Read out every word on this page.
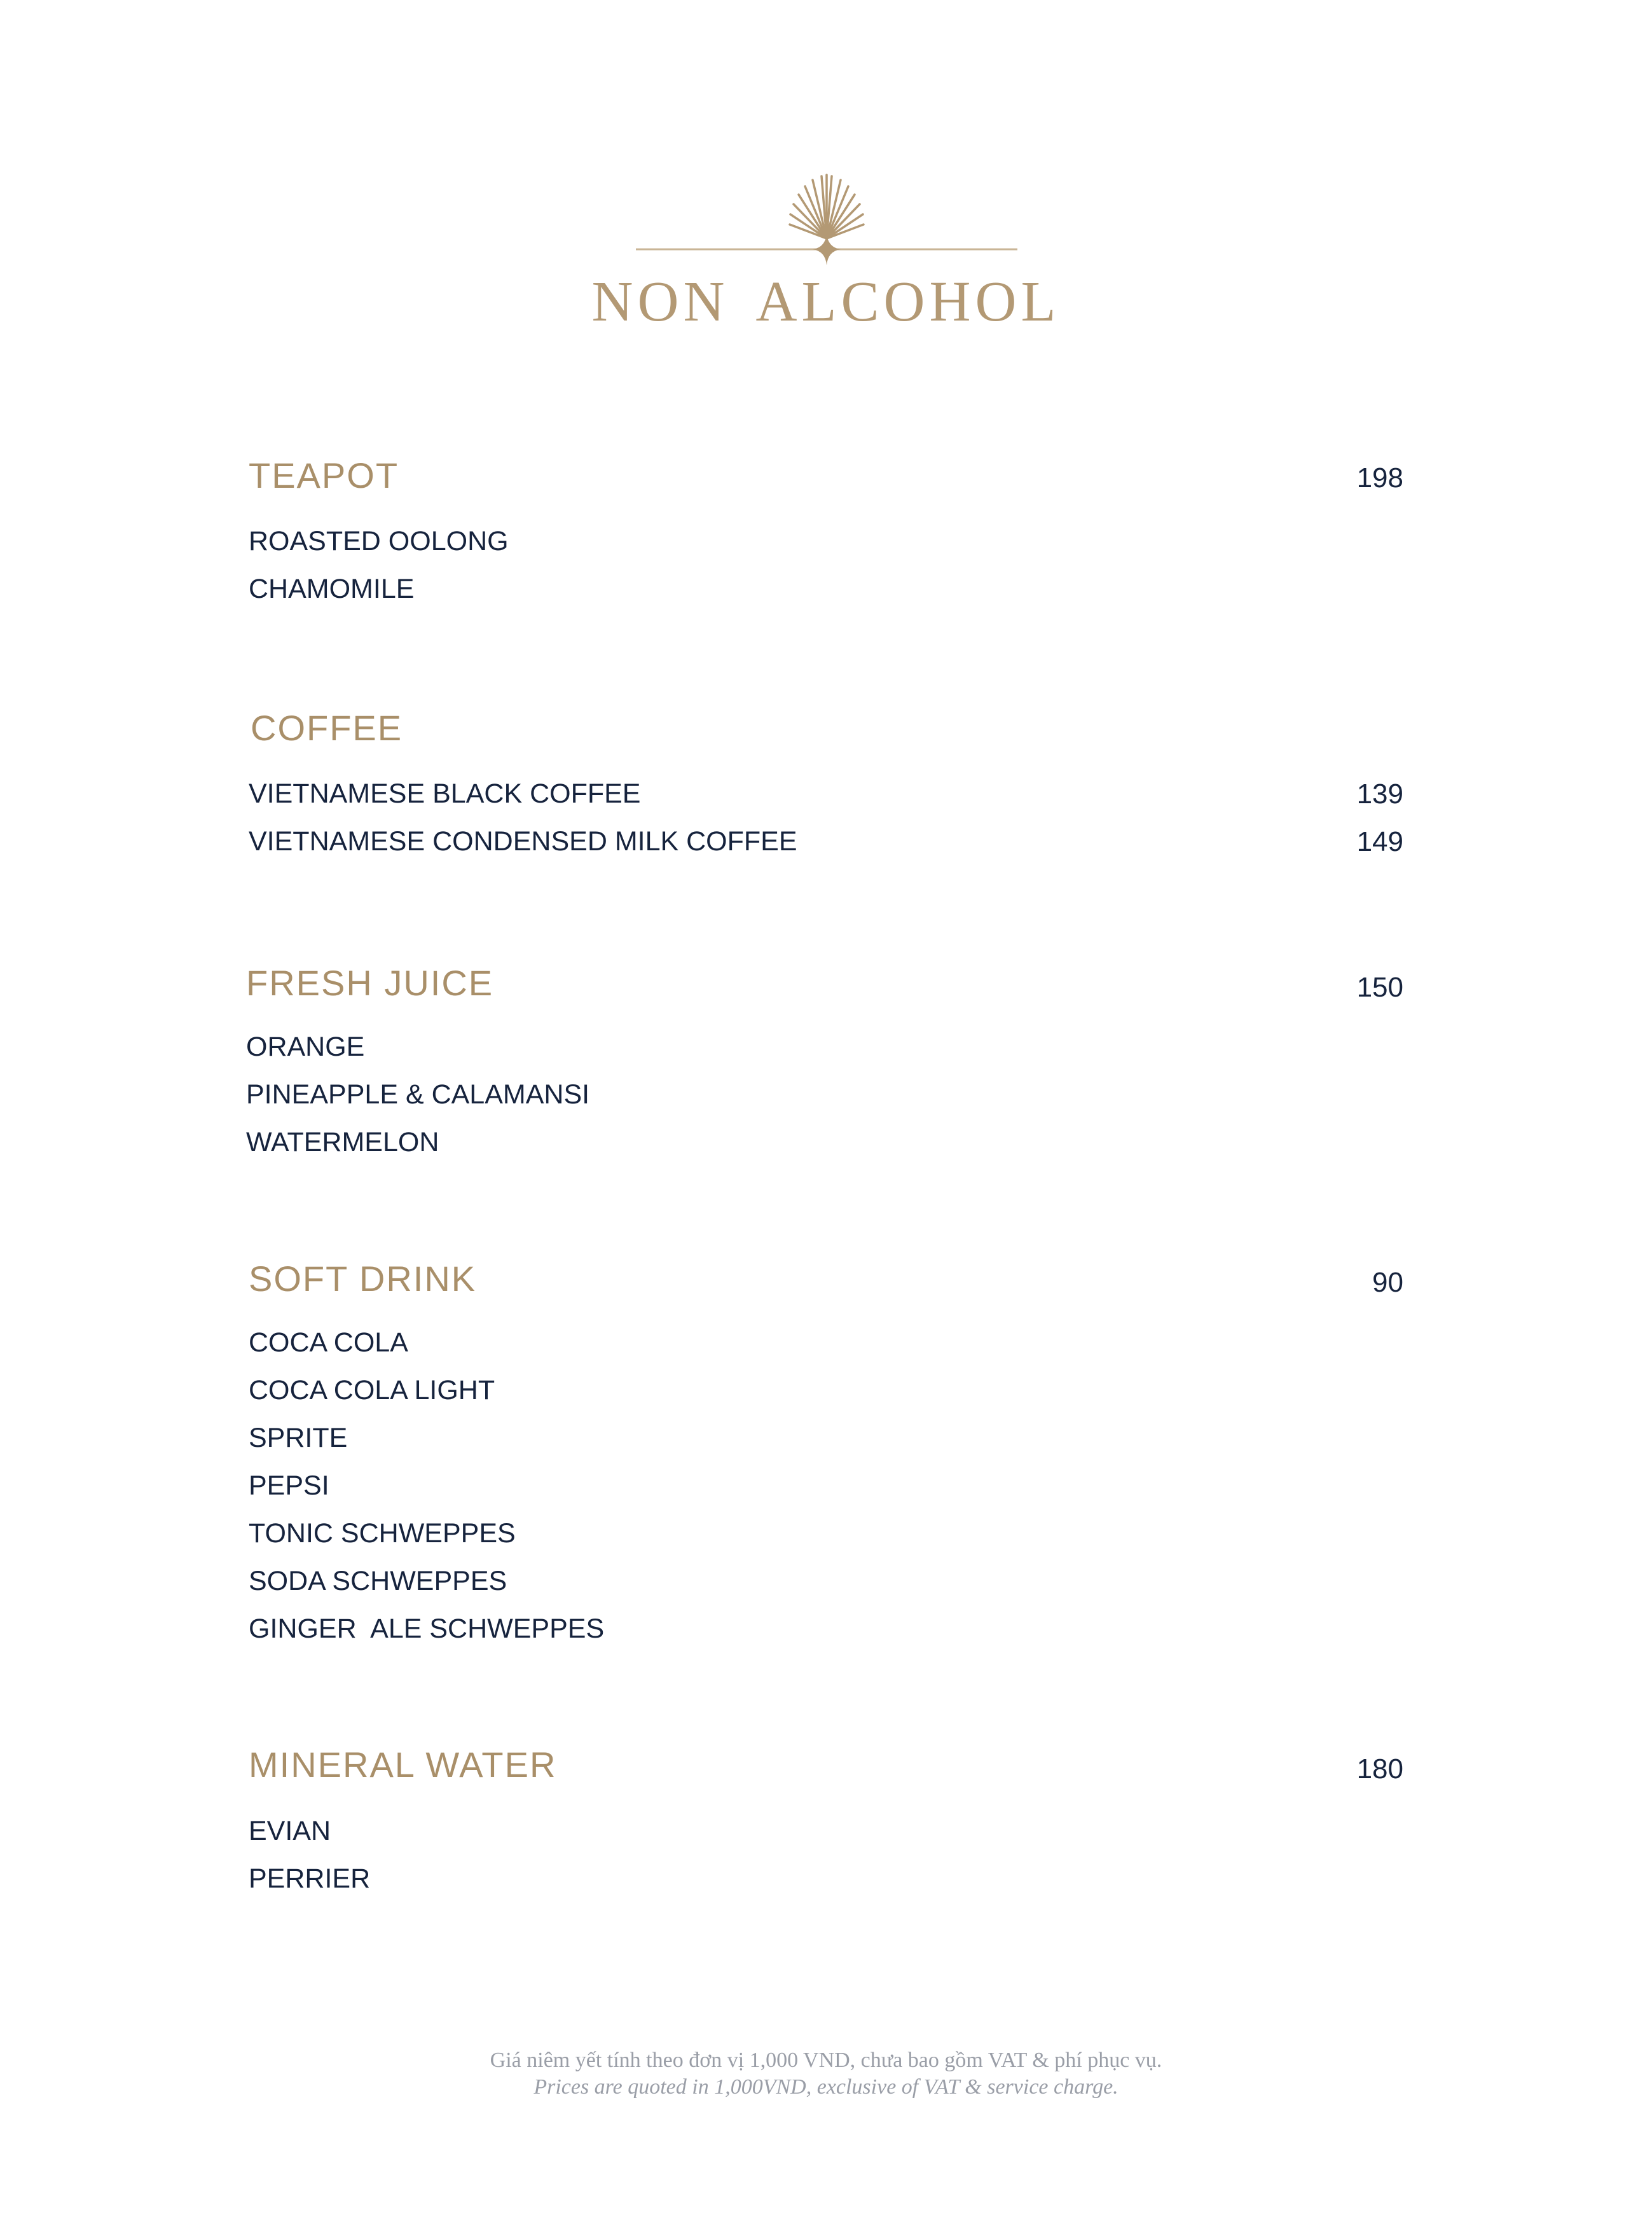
NON ALCOHOL
TEAPOT	198
ROASTED OOLONG
CHAMOMILE
COFFEE
VIETNAMESE BLACK COFFEE	139
VIETNAMESE CONDENSED MILK COFFEE	149
FRESH JUICE	150
ORANGE
PINEAPPLE & CALAMANSI
WATERMELON
SOFT DRINK	90
COCA COLA
COCA COLA LIGHT
SPRITE
PEPSI
TONIC SCHWEPPES
SODA SCHWEPPES
GINGER  ALE SCHWEPPES
MINERAL WATER	180
EVIAN
PERRIER
Giá niêm yết tính theo đơn vị 1,000 VND, chưa bao gồm VAT & phí phục vụ.
Prices are quoted in 1,000VND, exclusive of VAT & service charge.
